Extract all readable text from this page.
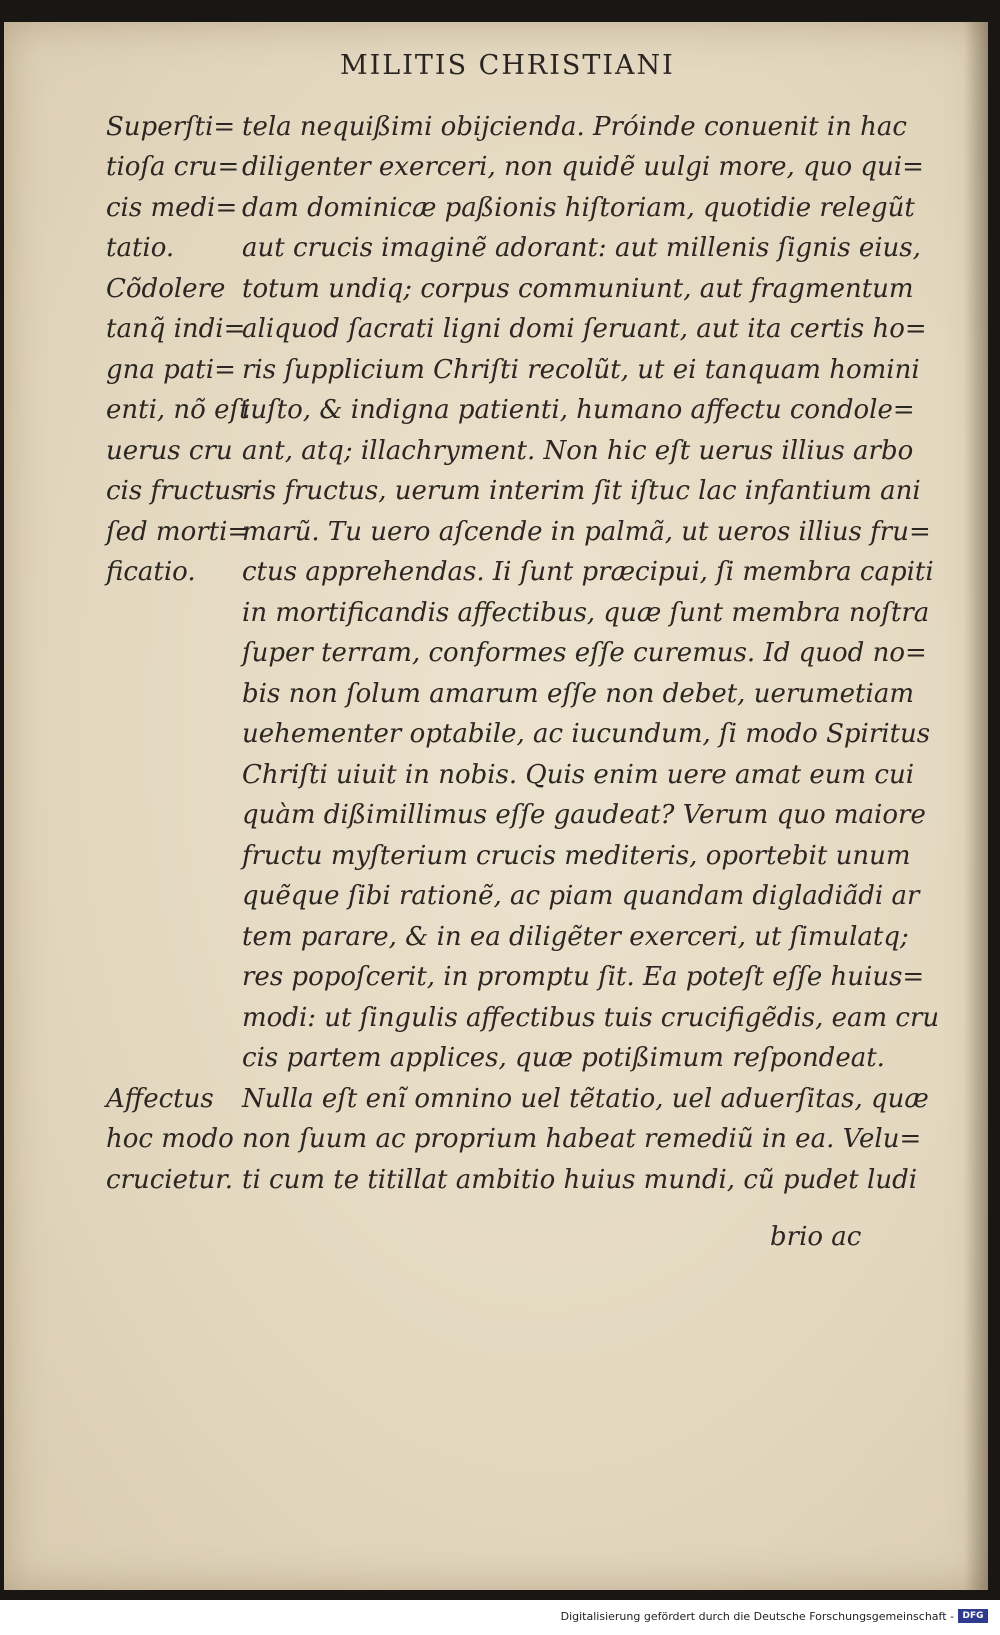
MILITIS CHRISTIANI
tela nequißimi obijcienda. Próinde conuenit in hac
diligenter exerceri, non quidẽ uulgi more, quo qui=
dam dominicæ paßionis hiſtoriam, quotidie relegũt
aut crucis imaginẽ adorant: aut millenis ſignis eius,
totum undiq; corpus communiunt, aut fragmentum
aliquod ſacrati ligni domi ſeruant, aut ita certis ho=
ris ſupplicium Chriſti recolũt, ut ei tanquam homini
iuſto, & indigna patienti, humano affectu condole=
ant, atq; illachryment. Non hic eſt uerus illius arbo
ris fructus, uerum interim ſit iſtuc lac infantium ani
marũ. Tu uero aſcende in palmã, ut ueros illius fru=
ctus apprehendas. Ii ſunt præcipui, ſi membra capiti
in mortificandis affectibus, quæ ſunt membra noſtra
ſuper terram, conformes eſſe curemus. Id quod no=
bis non ſolum amarum eſſe non debet, uerumetiam
uehementer optabile, ac iucundum, ſi modo Spiritus
Chriſti uiuit in nobis. Quis enim uere amat eum cui
quàm dißimillimus eſſe gaudeat? Verum quo maiore
fructu myſterium crucis mediteris, oportebit unum
quẽque ſibi rationẽ, ac piam quandam digladiãdi ar
tem parare, & in ea diligẽter exerceri, ut ſimulatq;
res popoſcerit, in promptu ſit. Ea poteſt eſſe huius=
modi: ut ſingulis affectibus tuis crucifigẽdis, eam cru
cis partem applices, quæ potißimum reſpondeat.
Nulla eſt enĩ omnino uel tẽtatio, uel aduerſitas, quæ
non ſuum ac proprium habeat remediũ in ea. Velu=
ti cum te titillat ambitio huius mundi, cũ pudet ludi
brio ac
Superſti=
tioſa cru=
cis medi=
tatio.
Cõdolere
tanq̃ indi=
gna pati=
enti, nõ eſt
uerus cru
cis fructus
ſed morti=
ficatio.
Affectus
hoc modo
crucietur.
Digitalisierung gefördert durch die Deutsche Forschungsgemeinschaft - DFG
